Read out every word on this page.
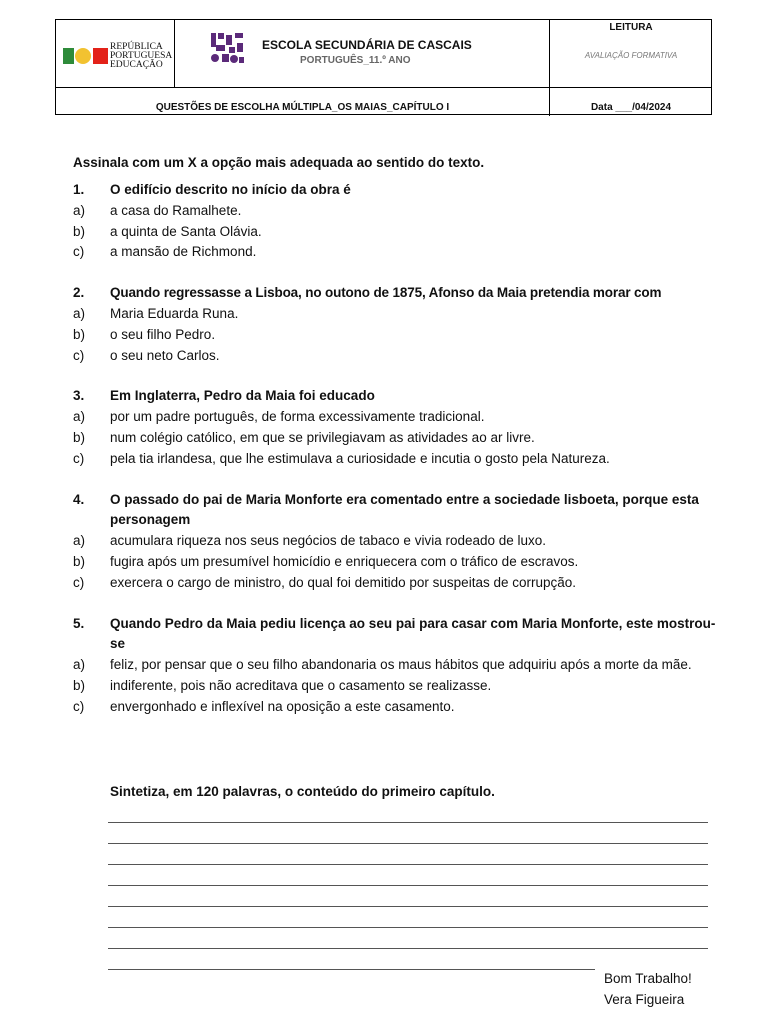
REPÚBLICA
PORTUGUESA
EDUCAÇÃO
ESCOLA SECUNDÁRIA DE CASCAIS
PORTUGUÊS_11.º ANO
LEITURA
AVALIAÇÃO FORMATIVA
QUESTÕES DE ESCOLHA MÚLTIPLA_OS MAIAS_CAPÍTULO I	Data ___/04/2024
Assinala com um X a opção mais adequada ao sentido do texto.
1.	O edifício descrito no início da obra é
a)	a casa do Ramalhete.
b)	a quinta de Santa Olávia.
c)	a mansão de Richmond.
2.	Quando regressasse a Lisboa, no outono de 1875, Afonso da Maia pretendia morar com
a)	Maria Eduarda Runa.
b)	o seu filho Pedro.
c)	o seu neto Carlos.
3.	Em Inglaterra, Pedro da Maia foi educado
a)	por um padre português, de forma excessivamente tradicional.
b)	num colégio católico, em que se privilegiavam as atividades ao ar livre.
c)	pela tia irlandesa, que lhe estimulava a curiosidade e incutia o gosto pela Natureza.
4.	O passado do pai de Maria Monforte era comentado entre a sociedade lisboeta, porque esta personagem
a)	acumulara riqueza nos seus negócios de tabaco e vivia rodeado de luxo.
b)	fugira após um presumível homicídio e enriquecera com o tráfico de escravos.
c)	exercera o cargo de ministro, do qual foi demitido por suspeitas de corrupção.
5.	Quando Pedro da Maia pediu licença ao seu pai para casar com Maria Monforte, este mostrou-se
a)	feliz, por pensar que o seu filho abandonaria os maus hábitos que adquiriu após a morte da mãe.
b)	indiferente, pois não acreditava que o casamento se realizasse.
c)	envergonhado e inflexível na oposição a este casamento.
Sintetiza, em 120 palavras, o conteúdo do primeiro capítulo.
Bom Trabalho!
Vera Figueira
